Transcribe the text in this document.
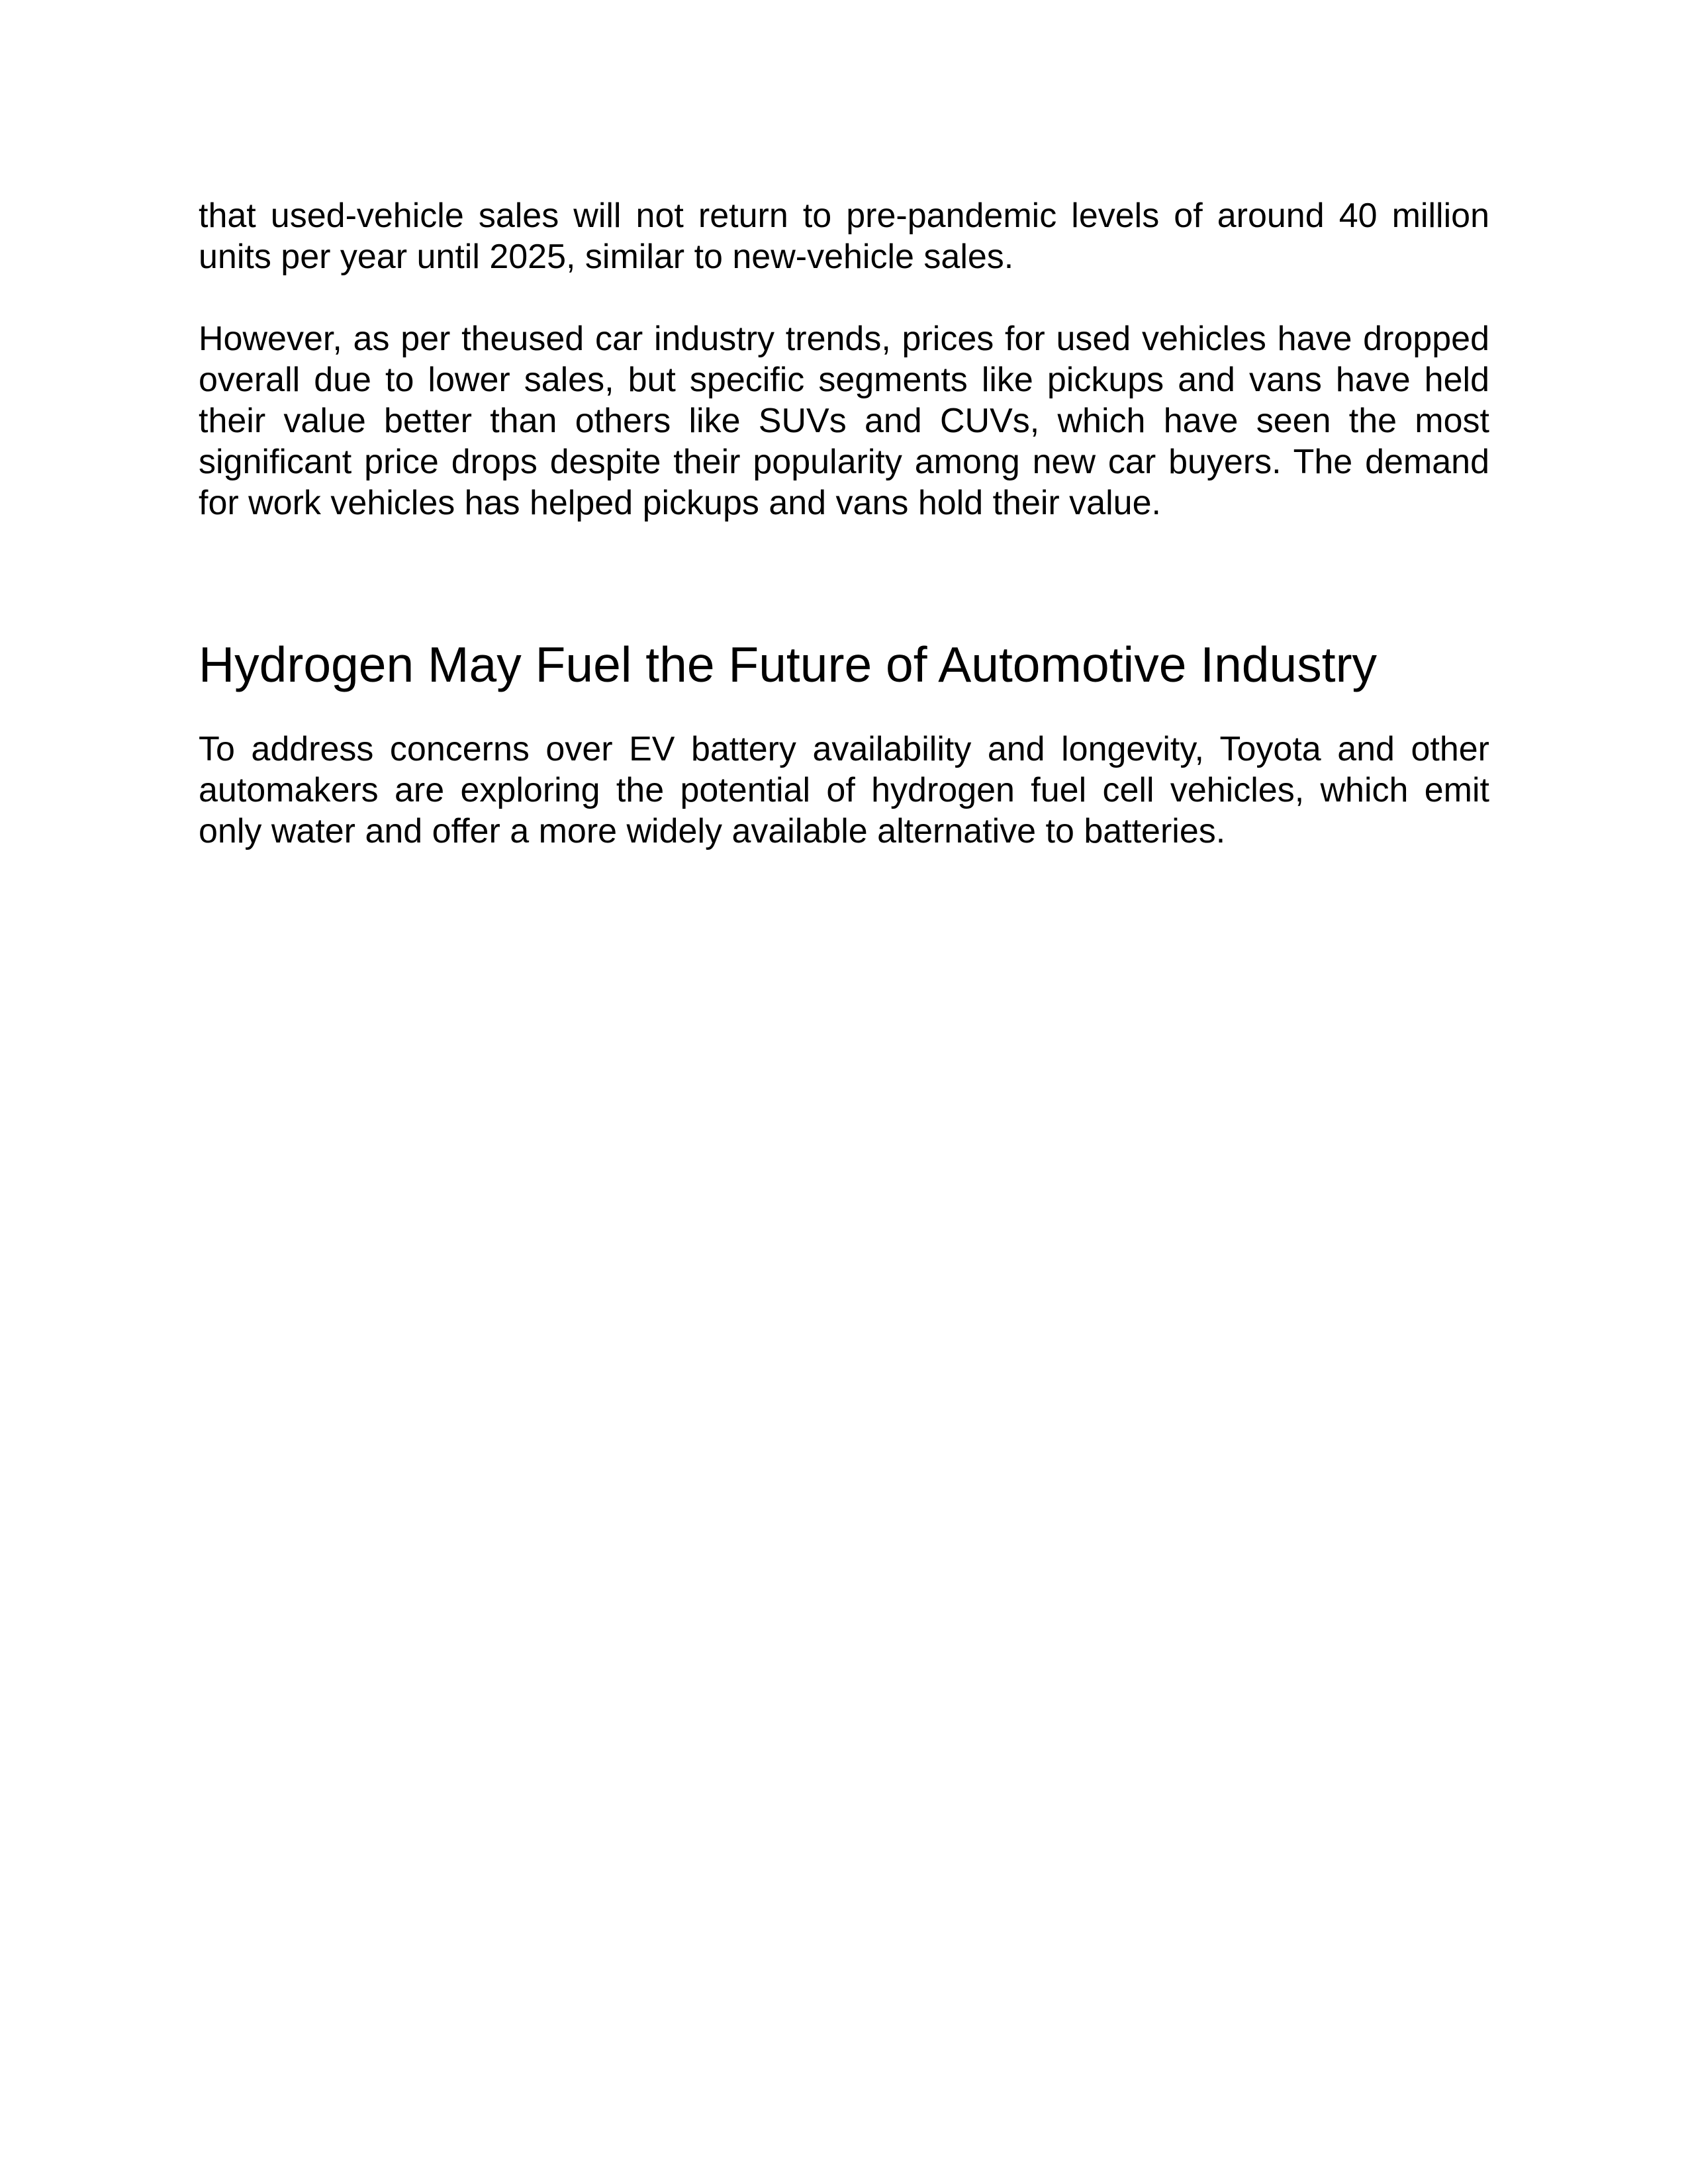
that used-vehicle sales will not return to pre-pandemic levels of around 40 million units per year until 2025, similar to new-vehicle sales.

However, as per theused car industry trends, prices for used vehicles have dropped overall due to lower sales, but specific segments like pickups and vans have held their value better than others like SUVs and CUVs, which have seen the most significant price drops despite their popularity among new car buyers. The demand for work vehicles has helped pickups and vans hold their value.

Hydrogen May Fuel the Future of Automotive Industry

To address concerns over EV battery availability and longevity, Toyota and other automakers are exploring the potential of hydrogen fuel cell vehicles, which emit only water and offer a more widely available alternative to batteries.
